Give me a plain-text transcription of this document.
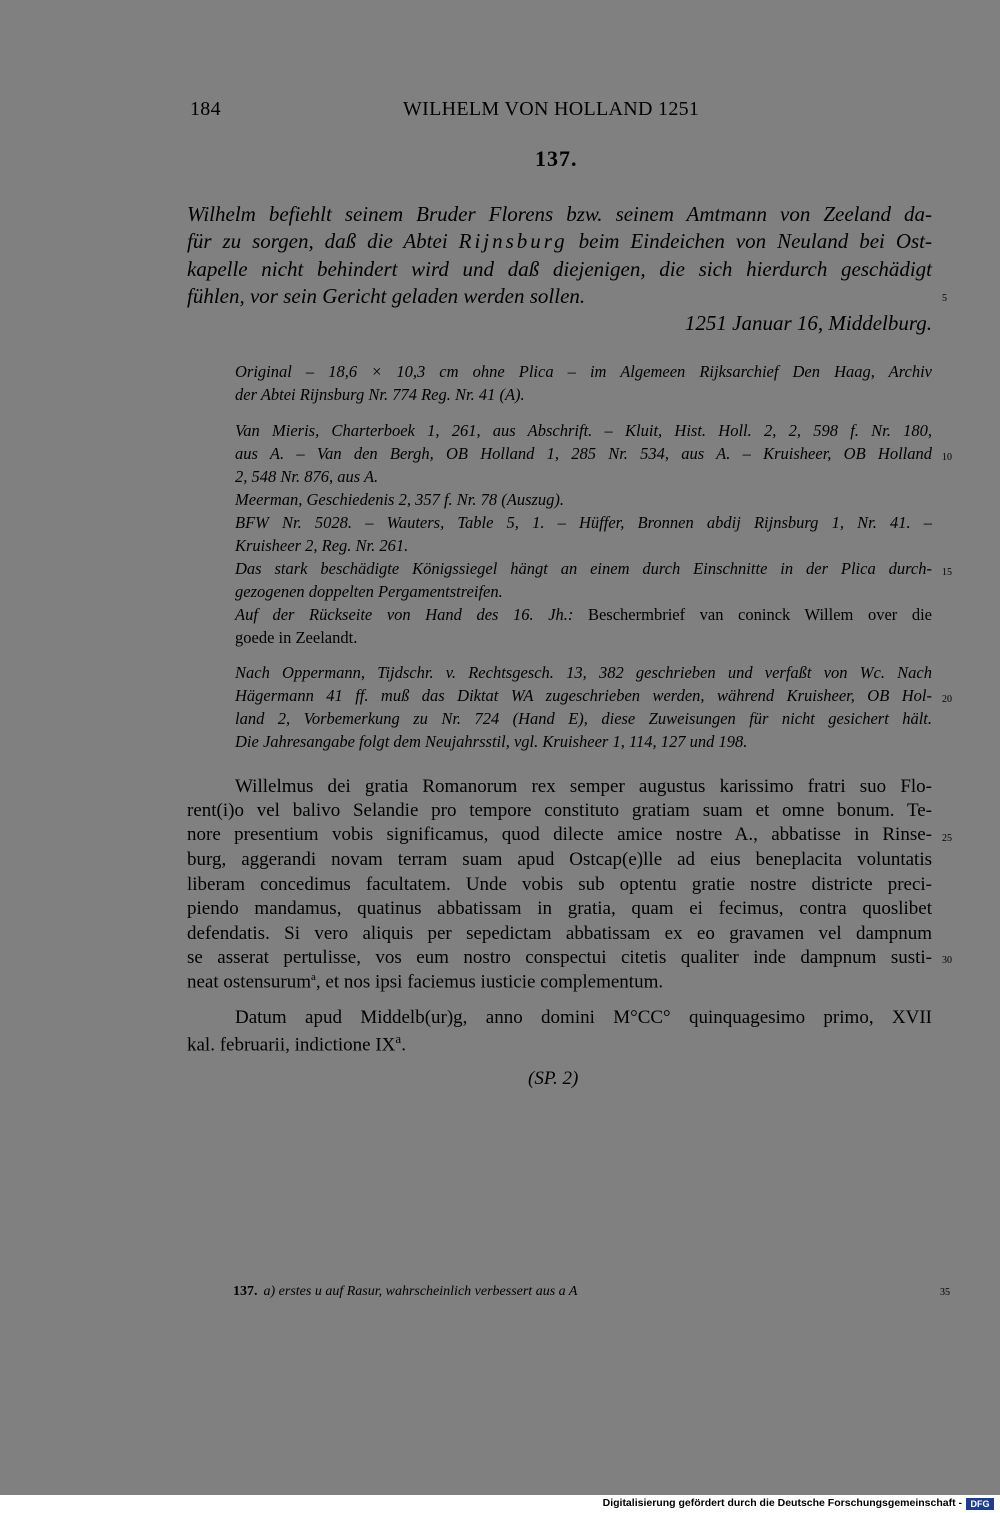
184	WILHELM VON HOLLAND 1251
137.
Wilhelm befiehlt seinem Bruder Florens bzw. seinem Amtmann von Zeeland da-
für zu sorgen, daß die Abtei Rijnsburg beim Eindeichen von Neuland bei Ost-
kapelle nicht behindert wird und daß diejenigen, die sich hierdurch geschädigt
fühlen, vor sein Gericht geladen werden sollen.
1251 Januar 16, Middelburg.
Original – 18,6 × 10,3 cm ohne Plica – im Algemeen Rijksarchief Den Haag, Archiv
der Abtei Rijnsburg Nr. 774 Reg. Nr. 41 (A).
Van Mieris, Charterboek 1, 261, aus Abschrift. – Kluit, Hist. Holl. 2, 2, 598 f. Nr. 180,
aus A. – Van den Bergh, OB Holland 1, 285 Nr. 534, aus A. – Kruisheer, OB Holland
2, 548 Nr. 876, aus A.
Meerman, Geschiedenis 2, 357 f. Nr. 78 (Auszug).
BFW Nr. 5028. – Wauters, Table 5, 1. – Hüffer, Bronnen abdij Rijnsburg 1, Nr. 41. –
Kruisheer 2, Reg. Nr. 261.
Das stark beschädigte Königssiegel hängt an einem durch Einschnitte in der Plica durch-
gezogenen doppelten Pergamentstreifen.
Auf der Rückseite von Hand des 16. Jh.: Beschermbrief van coninck Willem over die
goede in Zeelandt.
Nach Oppermann, Tijdschr. v. Rechtsgesch. 13, 382 geschrieben und verfaßt von Wc. Nach
Hägermann 41 ff. muß das Diktat WA zugeschrieben werden, während Kruisheer, OB Hol-
land 2, Vorbemerkung zu Nr. 724 (Hand E), diese Zuweisungen für nicht gesichert hält.
Die Jahresangabe folgt dem Neujahrsstil, vgl. Kruisheer 1, 114, 127 und 198.
Willelmus dei gratia Romanorum rex semper augustus karissimo fratri suo Flo-
rent(i)o vel balivo Selandie pro tempore constituto gratiam suam et omne bonum. Te-
nore presentium vobis significamus, quod dilecte amice nostre A., abbatisse in Rinse-
burg, aggerandi novam terram suam apud Ostcap(e)lle ad eius beneplacita voluntatis
liberam concedimus facultatem. Unde vobis sub optentu gratie nostre districte preci-
piendo mandamus, quatinus abbatissam in gratia, quam ei fecimus, contra quoslibet
defendatis. Si vero aliquis per sepedictam abbatissam ex eo gravamen vel dampnum
se asserat pertulisse, vos eum nostro conspectui citetis qualiter inde dampnum susti-
neat ostensurum$^a$, et nos ipsi faciemus iusticie complementum.
Datum apud Middelb(ur)g, anno domini M°CC° quinquagesimo primo, XVII
kal. februarii, indictione $IX^a$.
(SP. 2)
5
10
15
20
25
30
137. a) erstes u auf Rasur, wahrscheinlich verbessert aus a A	35
Digitalisierung gefördert durch die Deutsche Forschungsgemeinschaft - DFG
